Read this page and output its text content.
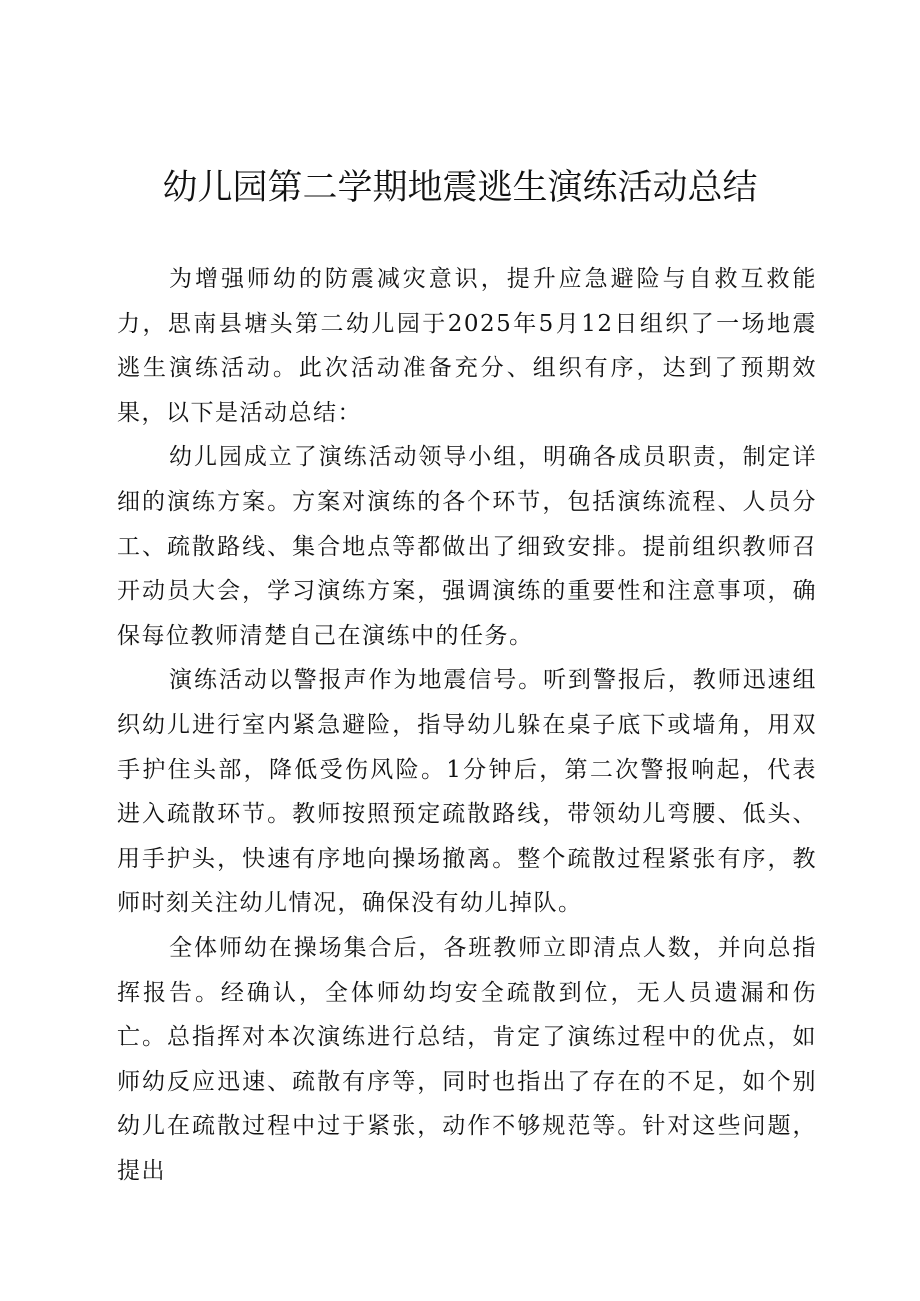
幼儿园第二学期地震逃生演练活动总结

为增强师幼的防震减灾意识，提升应急避险与自救互救能力，思南县塘头第二幼儿园于2025年5月12日组织了一场地震逃生演练活动。此次活动准备充分、组织有序，达到了预期效果，以下是活动总结：

幼儿园成立了演练活动领导小组，明确各成员职责，制定详细的演练方案。方案对演练的各个环节，包括演练流程、人员分工、疏散路线、集合地点等都做出了细致安排。提前组织教师召开动员大会，学习演练方案，强调演练的重要性和注意事项，确保每位教师清楚自己在演练中的任务。

演练活动以警报声作为地震信号。听到警报后，教师迅速组织幼儿进行室内紧急避险，指导幼儿躲在桌子底下或墙角，用双手护住头部，降低受伤风险。1分钟后，第二次警报响起，代表进入疏散环节。教师按照预定疏散路线，带领幼儿弯腰、低头、用手护头，快速有序地向操场撤离。整个疏散过程紧张有序，教师时刻关注幼儿情况，确保没有幼儿掉队。

全体师幼在操场集合后，各班教师立即清点人数，并向总指挥报告。经确认，全体师幼均安全疏散到位，无人员遗漏和伤亡。总指挥对本次演练进行总结，肯定了演练过程中的优点，如师幼反应迅速、疏散有序等，同时也指出了存在的不足，如个别幼儿在疏散过程中过于紧张，动作不够规范等。针对这些问题，提出
